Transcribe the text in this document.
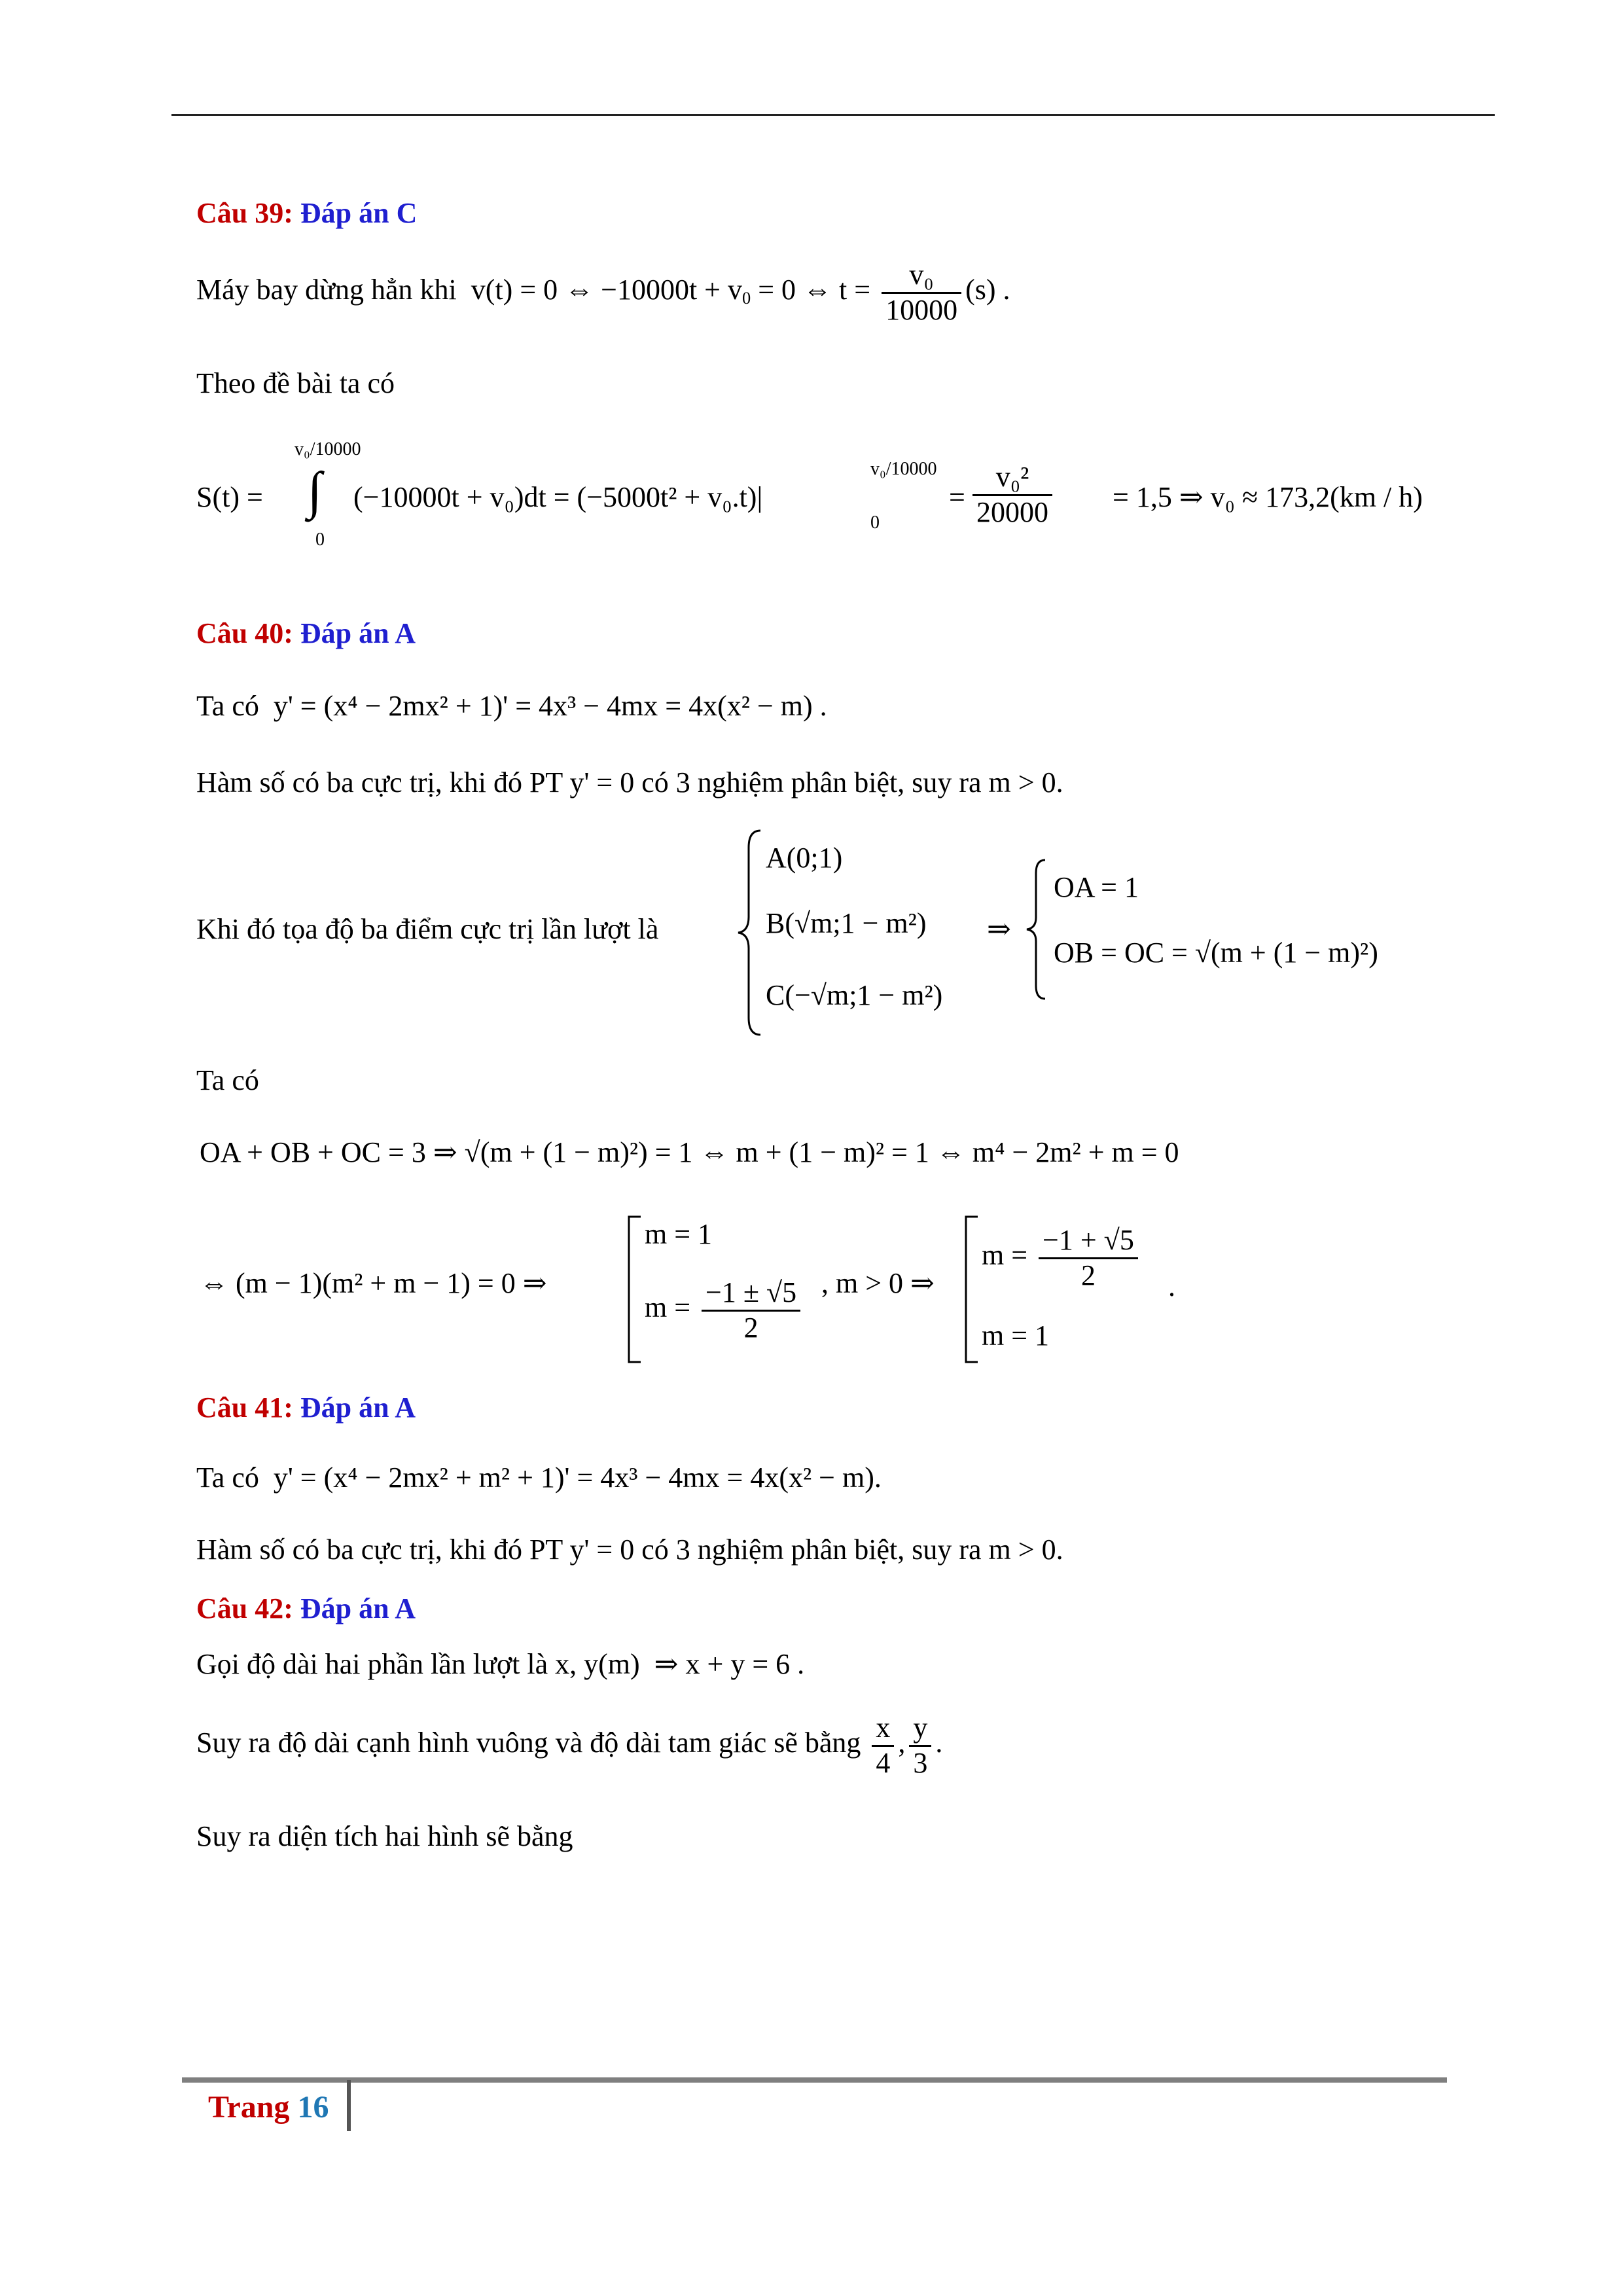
Câu 39: Đáp án C
Máy bay dừng hẳn khi v(t) = 0 ⇔ $-10000t + v_0 = 0$ ⇔ $t = \frac{\text{v₀}}{10000} (s)$ .
Theo đề bài ta có
S(t) =
v₀/10000
∫
0
(−10000t + v₀)dt = (−5000t² + v₀.t)|
v₀/10000
0
= $\frac{\text{v₀²}}{20000} = 1,5$ ⇒ v₀ ≈ 173,2(km / h)
Câu 40: Đáp án A
Ta có y' = (x⁴ − 2mx² + 1)' = 4x³ − 4mx = 4x(x² − m) .
Hàm số có ba cực trị, khi đó PT y' = 0 có 3 nghiệm phân biệt, suy ra m > 0.
Khi đó tọa độ ba điểm cực trị lần lượt là
A(0;1)
B(√m;1 − m²)
C(−√m;1 − m²)
⇒
OA = 1
OB = OC = √(m + (1 − m)²)
Ta có
OA + OB + OC = 3 ⇒ √(m + (1 − m)²) = 1 ⇔ m + (1 − m)² = 1 ⇔ m⁴ − 2m² + m = 0
⇔ (m − 1)(m² + m − 1) = 0 ⇒
m = 1
$m = \frac{-1 \pm √5}{2}$ , m > 0 ⇒
$m = \frac{-1 + √5}{2}$
m = 1
.
Câu 41: Đáp án A
Ta có y' = (x⁴ − 2mx² + m² + 1)' = 4x³ − 4mx = 4x(x² − m).
Hàm số có ba cực trị, khi đó PT y' = 0 có 3 nghiệm phân biệt, suy ra m > 0.
Câu 42: Đáp án A
Gọi độ dài hai phần lần lượt là x, y(m) ⇒ x + y = 6 .
Suy ra độ dài cạnh hình vuông và độ dài tam giác sẽ bằng $\frac{x}{4}$ , $\frac{y}{3}$ .
Suy ra diện tích hai hình sẽ bằng
Trang 16
